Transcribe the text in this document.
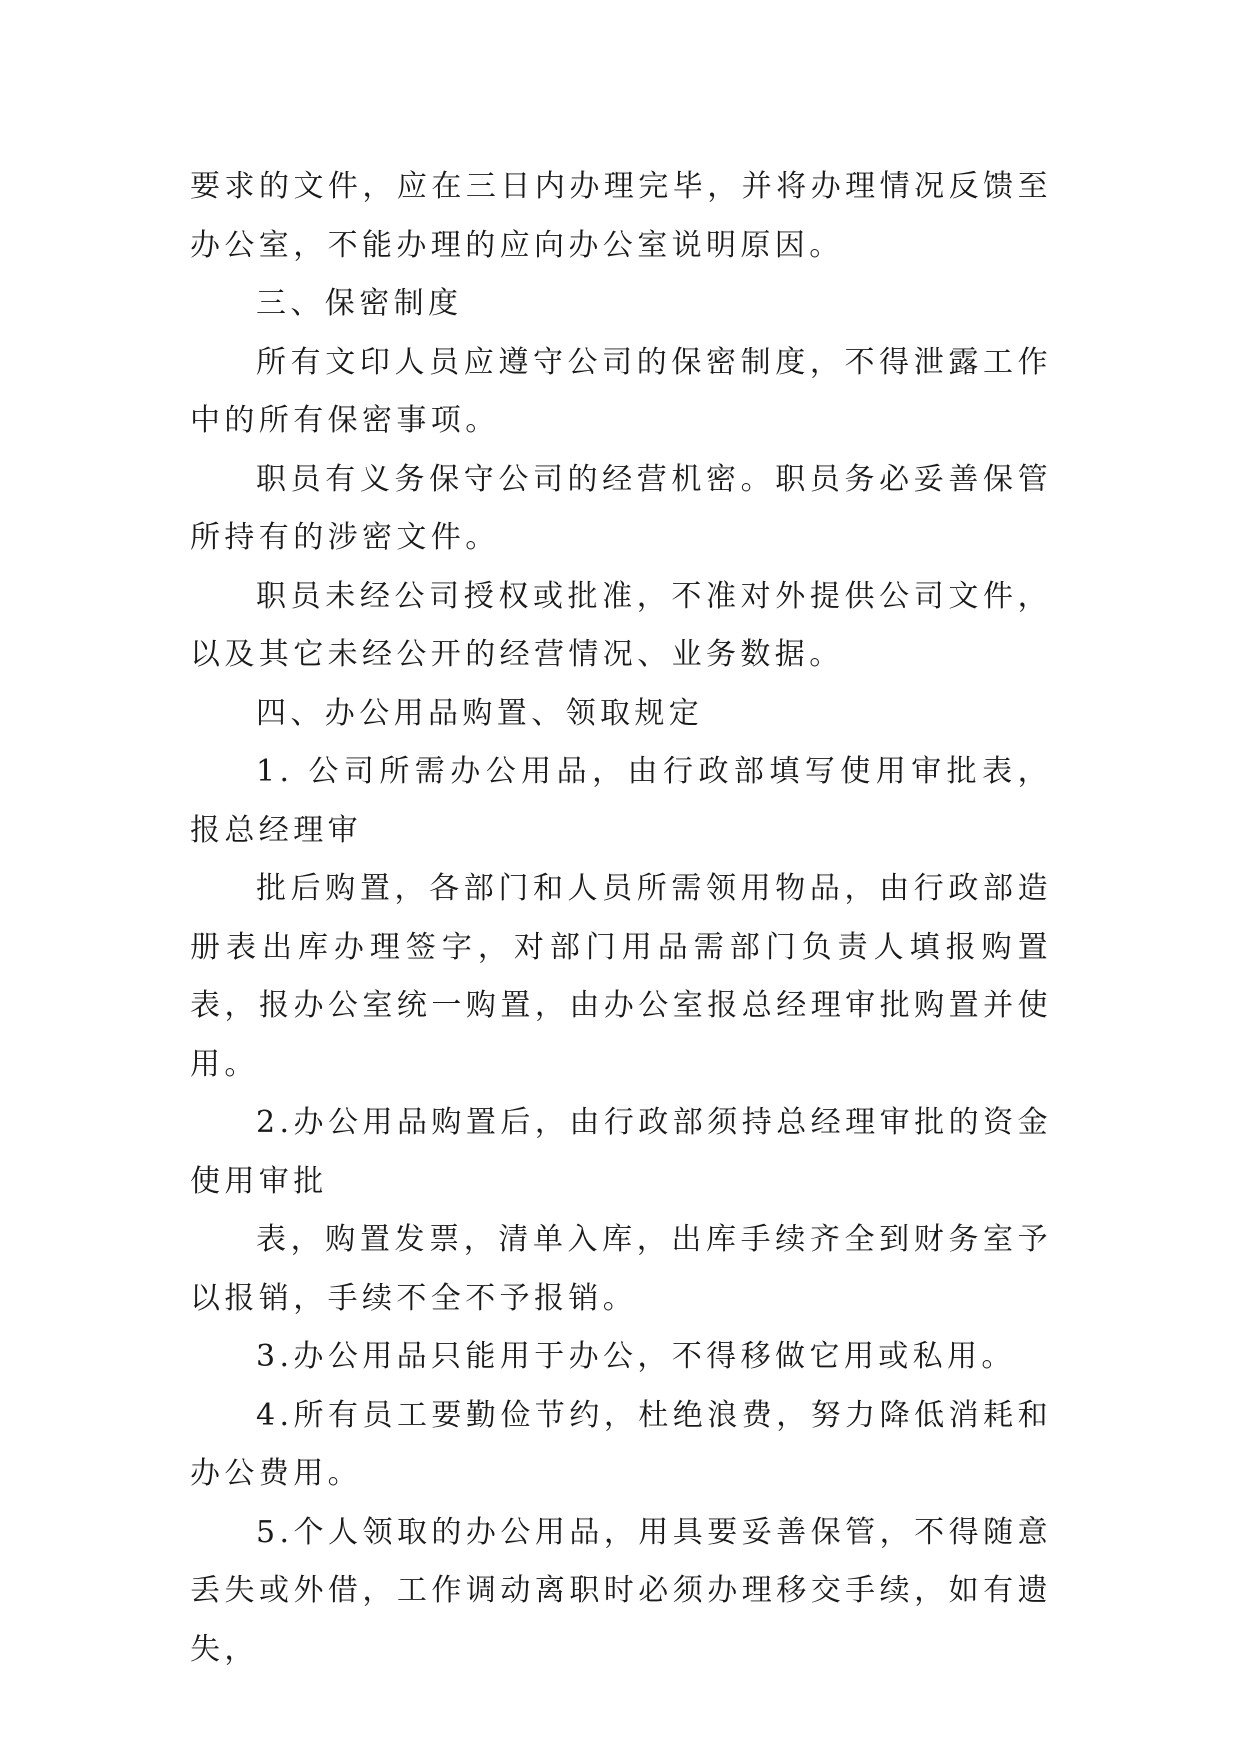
要求的文件，应在三日内办理完毕，并将办理情况反馈至办公室，不能办理的应向办公室说明原因。

三、保密制度

所有文印人员应遵守公司的保密制度，不得泄露工作中的所有保密事项。

职员有义务保守公司的经营机密。职员务必妥善保管所持有的涉密文件。

职员未经公司授权或批准，不准对外提供公司文件，以及其它未经公开的经营情况、业务数据。

四、办公用品购置、领取规定

1. 公司所需办公用品，由行政部填写使用审批表，报总经理审

批后购置，各部门和人员所需领用物品，由行政部造册表出库办理签字，对部门用品需部门负责人填报购置表，报办公室统一购置，由办公室报总经理审批购置并使用。

2.办公用品购置后，由行政部须持总经理审批的资金使用审批

表，购置发票，清单入库，出库手续齐全到财务室予以报销，手续不全不予报销。

3.办公用品只能用于办公，不得移做它用或私用。

4.所有员工要勤俭节约，杜绝浪费，努力降低消耗和办公费用。

5.个人领取的办公用品，用具要妥善保管，不得随意丢失或外借，工作调动离职时必须办理移交手续，如有遗失，
